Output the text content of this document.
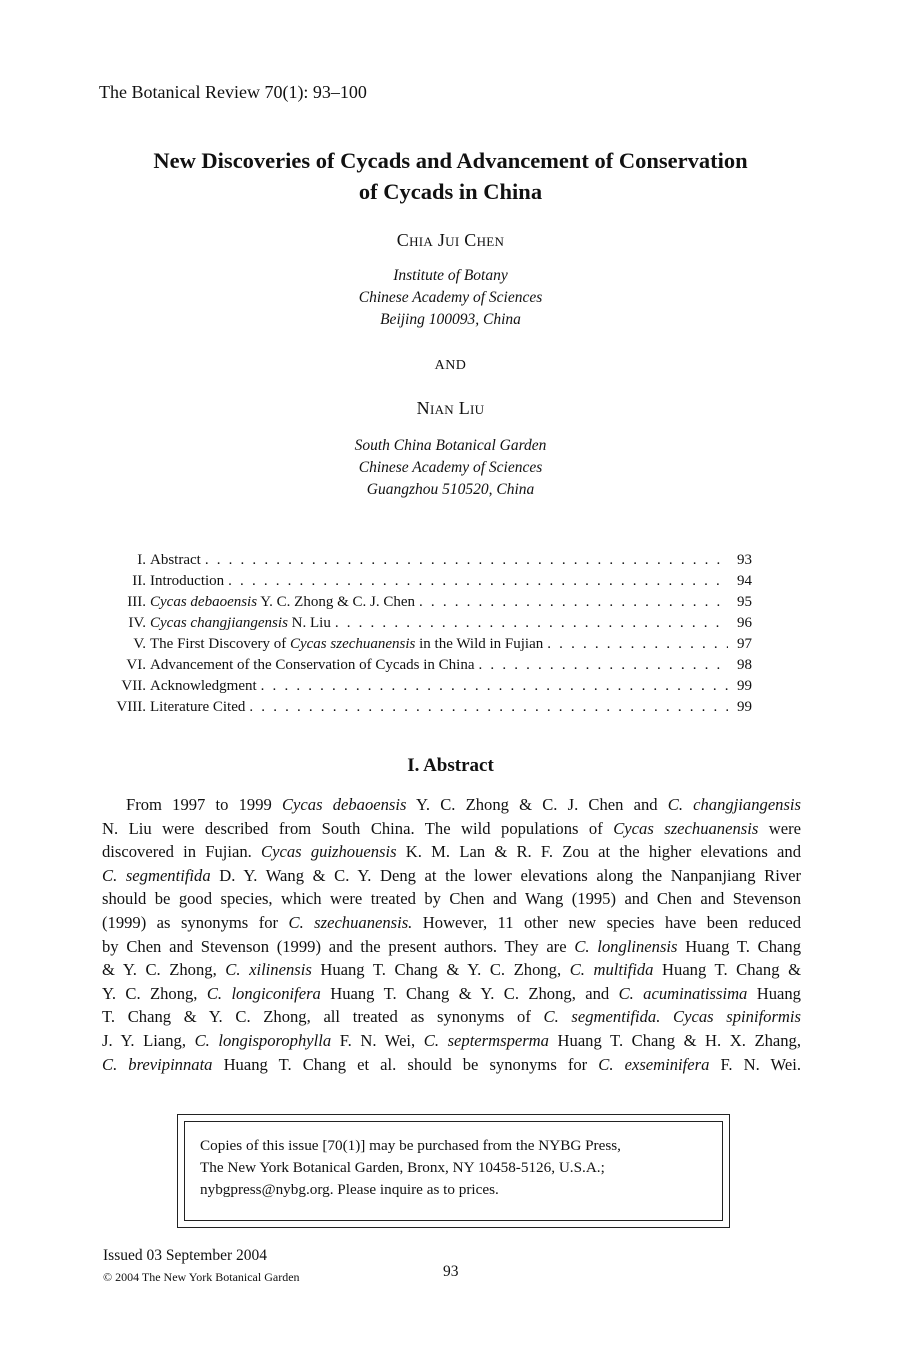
The Botanical Review 70(1): 93–100
New Discoveries of Cycads and Advancement of Conservation
of Cycads in China
Chia Jui Chen
Institute of Botany
Chinese Academy of Sciences
Beijing 100093, China
AND
Nian Liu
South China Botanical Garden
Chinese Academy of Sciences
Guangzhou 510520, China
I. Abstract . . .	93
II. Introduction . . .	94
III. Cycas debaoensis Y. C. Zhong & C. J. Chen . . .	95
IV. Cycas changjiangensis N. Liu . . .	96
V. The First Discovery of Cycas szechuanensis in the Wild in Fujian . . .	97
VI. Advancement of the Conservation of Cycads in China . . .	98
VII. Acknowledgment . . .	99
VIII. Literature Cited . . .	99
I. Abstract
From 1997 to 1999 Cycas debaoensis Y. C. Zhong & C. J. Chen and C. changjiangensis
N. Liu were described from South China. The wild populations of Cycas szechuanensis were
discovered in Fujian. Cycas guizhouensis K. M. Lan & R. F. Zou at the higher elevations and
C. segmentifida D. Y. Wang & C. Y. Deng at the lower elevations along the Nanpanjiang River
should be good species, which were treated by Chen and Wang (1995) and Chen and Stevenson
(1999) as synonyms for C. szechuanensis. However, 11 other new species have been reduced
by Chen and Stevenson (1999) and the present authors. They are C. longlinensis Huang T. Chang
& Y. C. Zhong, C. xilinensis Huang T. Chang & Y. C. Zhong, C. multifida Huang T. Chang &
Y. C. Zhong, C. longiconifera Huang T. Chang & Y. C. Zhong, and C. acuminatissima Huang
T. Chang & Y. C. Zhong, all treated as synonyms of C. segmentifida. Cycas spiniformis
J. Y. Liang, C. longisporophylla F. N. Wei, C. septermsperma Huang T. Chang & H. X. Zhang,
C. brevipinnata Huang T. Chang et al. should be synonyms for C. exseminifera F. N. Wei.
Copies of this issue [70(1)] may be purchased from the NYBG Press,
The New York Botanical Garden, Bronx, NY 10458-5126, U.S.A.;
nybgpress@nybg.org. Please inquire as to prices.
Issued 03 September 2004
© 2004 The New York Botanical Garden	93
